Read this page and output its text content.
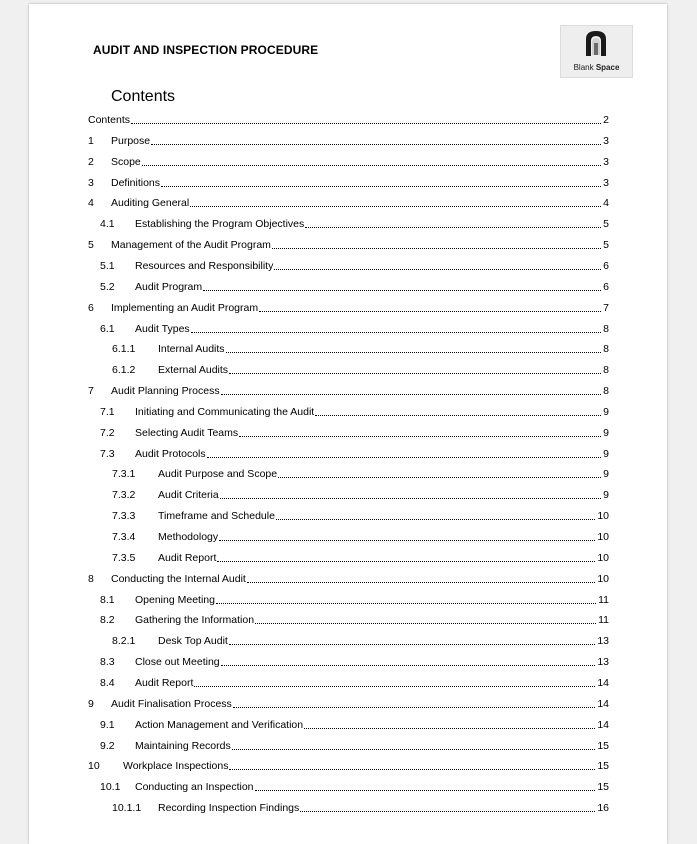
AUDIT AND INSPECTION PROCEDURE
Blank Space
Contents
Contents	2
1	Purpose	3
2	Scope	3
3	Definitions	3
4	Auditing General	4
4.1	Establishing the Program Objectives	5
5	Management of the Audit Program	5
5.1	Resources and Responsibility	6
5.2	Audit Program	6
6	Implementing an Audit Program	7
6.1	Audit Types	8
6.1.1	Internal Audits	8
6.1.2	External Audits	8
7	Audit Planning Process	8
7.1	Initiating and Communicating the Audit	9
7.2	Selecting Audit Teams	9
7.3	Audit Protocols	9
7.3.1	Audit Purpose and Scope	9
7.3.2	Audit Criteria	9
7.3.3	Timeframe and Schedule	10
7.3.4	Methodology	10
7.3.5	Audit Report	10
8	Conducting the Internal Audit	10
8.1	Opening Meeting	11
8.2	Gathering the Information	11
8.2.1	Desk Top Audit	13
8.3	Close out Meeting	13
8.4	Audit Report	14
9	Audit Finalisation Process	14
9.1	Action Management and Verification	14
9.2	Maintaining Records	15
10	Workplace Inspections	15
10.1	Conducting an Inspection	15
10.1.1	Recording Inspection Findings	16
